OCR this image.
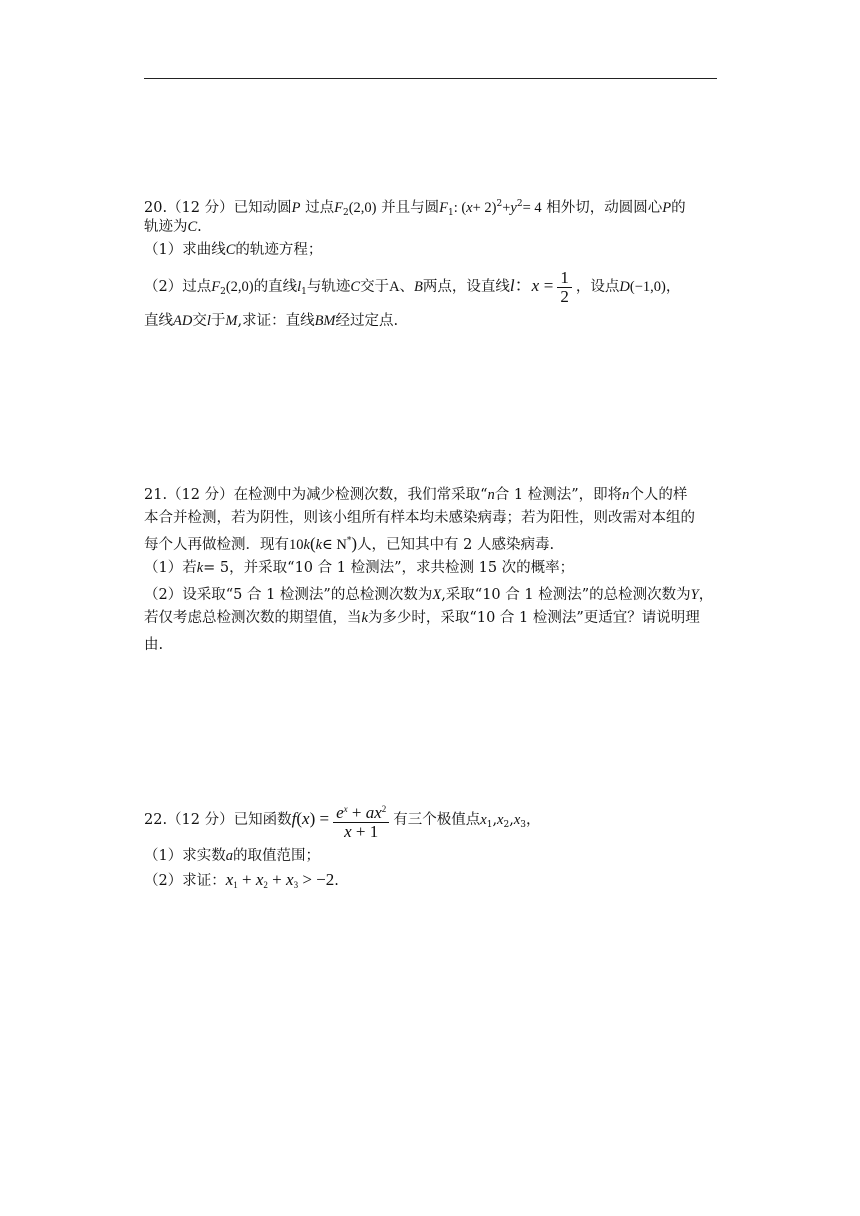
20.（12 分）已知动圆P 过点$F_2(2,0)$ 并且与圆$F_1$: $(x+ 2)^2+y^2= 4$ 相外切，动圆圆心P的
轨迹为C.
（1）求曲线C的轨迹方程；
（2）过点$F_2(2,0)$的直线$l_1$与轨迹C交于A、B两点，设直线l：$x = \frac{1}{2}$ ，设点D(−1,0)，
直线AD交l于M,求证：直线BM经过定点.
21.（12 分）在检测中为减少检测次数，我们常采取“n合 1 检测法”，即将n个人的样
本合并检测，若为阴性，则该小组所有样本均未感染病毒；若为阳性，则改需对本组的
每个人再做检测．现有10k(k∈ N*)人，已知其中有 2 人感染病毒.
（1）若k= 5，并采取“10 合 1 检测法”，求共检测 15 次的概率；
（2）设采取“5 合 1 检测法”的总检测次数为X,采取“10 合 1 检测法”的总检测次数为Y，
若仅考虑总检测次数的期望值，当k为多少时，采取“10 合 1 检测法”更适宜？请说明理
由.
22.（12 分）已知函数$f(x) = \frac{e^x + ax^2}{x + 1}$ 有三个极值点$x_1,x_2,x_3$，
（1）求实数a的取值范围；
（2）求证：$x_1 + x_2 + x_3 > -2$.
